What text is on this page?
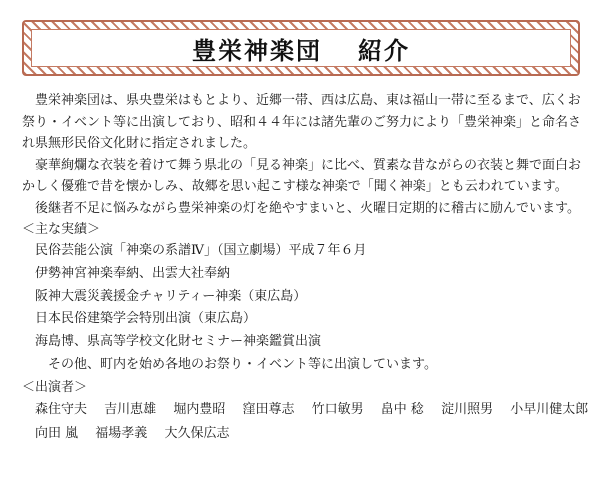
豊栄神楽団 紹介

豊栄神楽団は、県央豊栄はもとより、近郷一帯、西は広島、東は福山一帯に至るまで、広くお祭り・イベント等に出演しており、昭和４４年には諸先輩のご努力により「豊栄神楽」と命名され県無形民俗文化財に指定されました。

豪華絢爛な衣装を着けて舞う県北の「見る神楽」に比べ、質素な昔ながらの衣装と舞で面白おかしく優雅で昔を懐かしみ、故郷を思い起こす様な神楽で「聞く神楽」とも云われています。

後継者不足に悩みながら豊栄神楽の灯を絶やすまいと、火曜日定期的に稽古に励んでいます。

＜主な実績＞

民俗芸能公演「神楽の系譜Ⅳ」（国立劇場）平成７年６月
伊勢神宮神楽奉納、出雲大社奉納
阪神大震災義援金チャリティー神楽（東広島）
日本民俗建築学会特別出演（東広島）
海島博、県高等学校文化財セミナー神楽鑑賞出演
その他、町内を始め各地のお祭り・イベント等に出演しています。

＜出演者＞

森住守夫 吉川恵雄 堀内豊昭 窪田尊志 竹口敏男 畠中 稔 淀川照男 小早川健太郎
向田 嵐 福場孝義 大久保広志
